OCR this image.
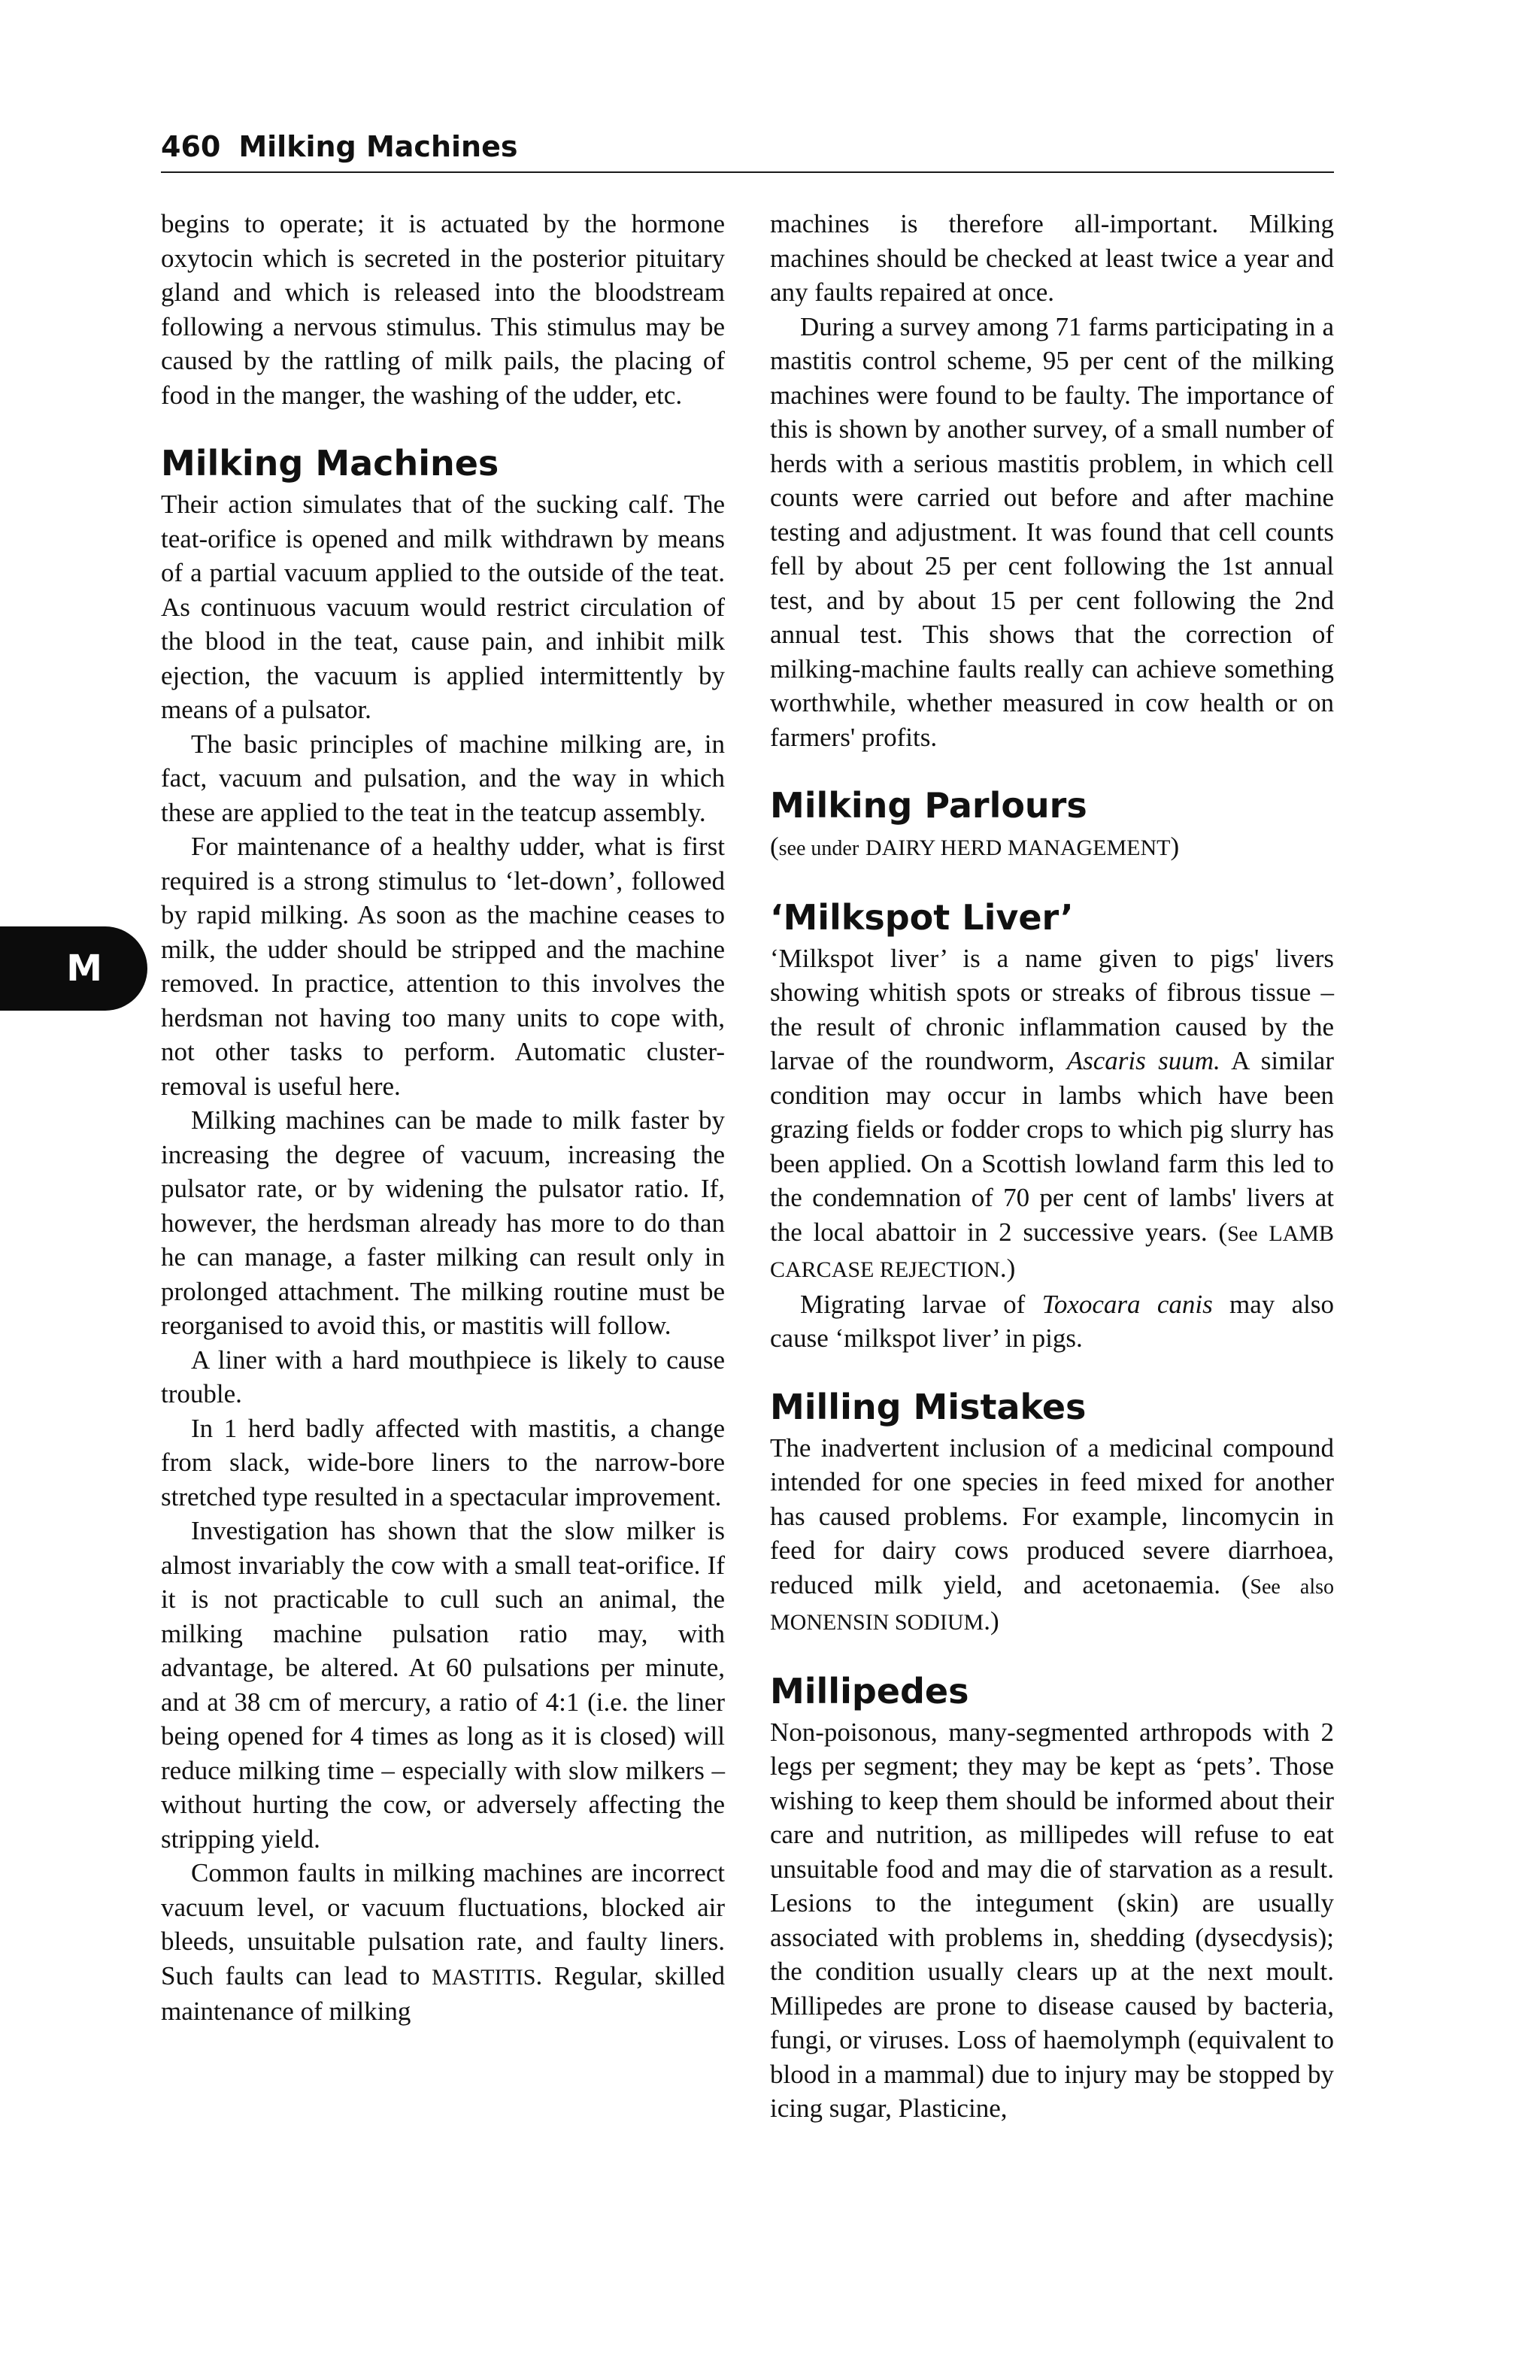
460 Milking Machines
M

begins to operate; it is actuated by the hormone oxytocin which is secreted in the posterior pituitary gland and which is released into the bloodstream following a nervous stimulus. This stimulus may be caused by the rattling of milk pails, the placing of food in the manger, the washing of the udder, etc.

Milking Machines

Their action simulates that of the sucking calf. The teat-orifice is opened and milk withdrawn by means of a partial vacuum applied to the outside of the teat. As continuous vacuum would restrict circulation of the blood in the teat, cause pain, and inhibit milk ejection, the vacuum is applied intermittently by means of a pulsator.

The basic principles of machine milking are, in fact, vacuum and pulsation, and the way in which these are applied to the teat in the teatcup assembly.

For maintenance of a healthy udder, what is first required is a strong stimulus to ‘let-down’, followed by rapid milking. As soon as the machine ceases to milk, the udder should be stripped and the machine removed. In practice, attention to this involves the herdsman not having too many units to cope with, not other tasks to perform. Automatic cluster-removal is useful here.

Milking machines can be made to milk faster by increasing the degree of vacuum, increasing the pulsator rate, or by widening the pulsator ratio. If, however, the herdsman already has more to do than he can manage, a faster milking can result only in prolonged attachment. The milking routine must be reorganised to avoid this, or mastitis will follow.

A liner with a hard mouthpiece is likely to cause trouble.

In 1 herd badly affected with mastitis, a change from slack, wide-bore liners to the narrow-bore stretched type resulted in a spectacular improvement.

Investigation has shown that the slow milker is almost invariably the cow with a small teat-orifice. If it is not practicable to cull such an animal, the milking machine pulsation ratio may, with advantage, be altered. At 60 pulsations per minute, and at 38 cm of mercury, a ratio of 4:1 (i.e. the liner being opened for 4 times as long as it is closed) will reduce milking time – especially with slow milkers – without hurting the cow, or adversely affecting the stripping yield.

Common faults in milking machines are incorrect vacuum level, or vacuum fluctuations, blocked air bleeds, unsuitable pulsation rate, and faulty liners. Such faults can lead to MASTITIS. Regular, skilled maintenance of milking

machines is therefore all-important. Milking machines should be checked at least twice a year and any faults repaired at once.

During a survey among 71 farms participating in a mastitis control scheme, 95 per cent of the milking machines were found to be faulty. The importance of this is shown by another survey, of a small number of herds with a serious mastitis problem, in which cell counts were carried out before and after machine testing and adjustment. It was found that cell counts fell by about 25 per cent following the 1st annual test, and by about 15 per cent following the 2nd annual test. This shows that the correction of milking-machine faults really can achieve something worthwhile, whether measured in cow health or on farmers' profits.

Milking Parlours

(see under DAIRY HERD MANAGEMENT)

‘Milkspot Liver’

‘Milkspot liver’ is a name given to pigs' livers showing whitish spots or streaks of fibrous tissue – the result of chronic inflammation caused by the larvae of the roundworm, Ascaris suum. A similar condition may occur in lambs which have been grazing fields or fodder crops to which pig slurry has been applied. On a Scottish lowland farm this led to the condemnation of 70 per cent of lambs' livers at the local abattoir in 2 successive years. (See LAMB CARCASE REJECTION.)

Migrating larvae of Toxocara canis may also cause ‘milkspot liver’ in pigs.

Milling Mistakes

The inadvertent inclusion of a medicinal compound intended for one species in feed mixed for another has caused problems. For example, lincomycin in feed for dairy cows produced severe diarrhoea, reduced milk yield, and acetonaemia. (See also MONENSIN SODIUM.)

Millipedes

Non-poisonous, many-segmented arthropods with 2 legs per segment; they may be kept as ‘pets’. Those wishing to keep them should be informed about their care and nutrition, as millipedes will refuse to eat unsuitable food and may die of starvation as a result. Lesions to the integument (skin) are usually associated with problems in, shedding (dysecdysis); the condition usually clears up at the next moult. Millipedes are prone to disease caused by bacteria, fungi, or viruses. Loss of haemolymph (equivalent to blood in a mammal) due to injury may be stopped by icing sugar, Plasticine,
